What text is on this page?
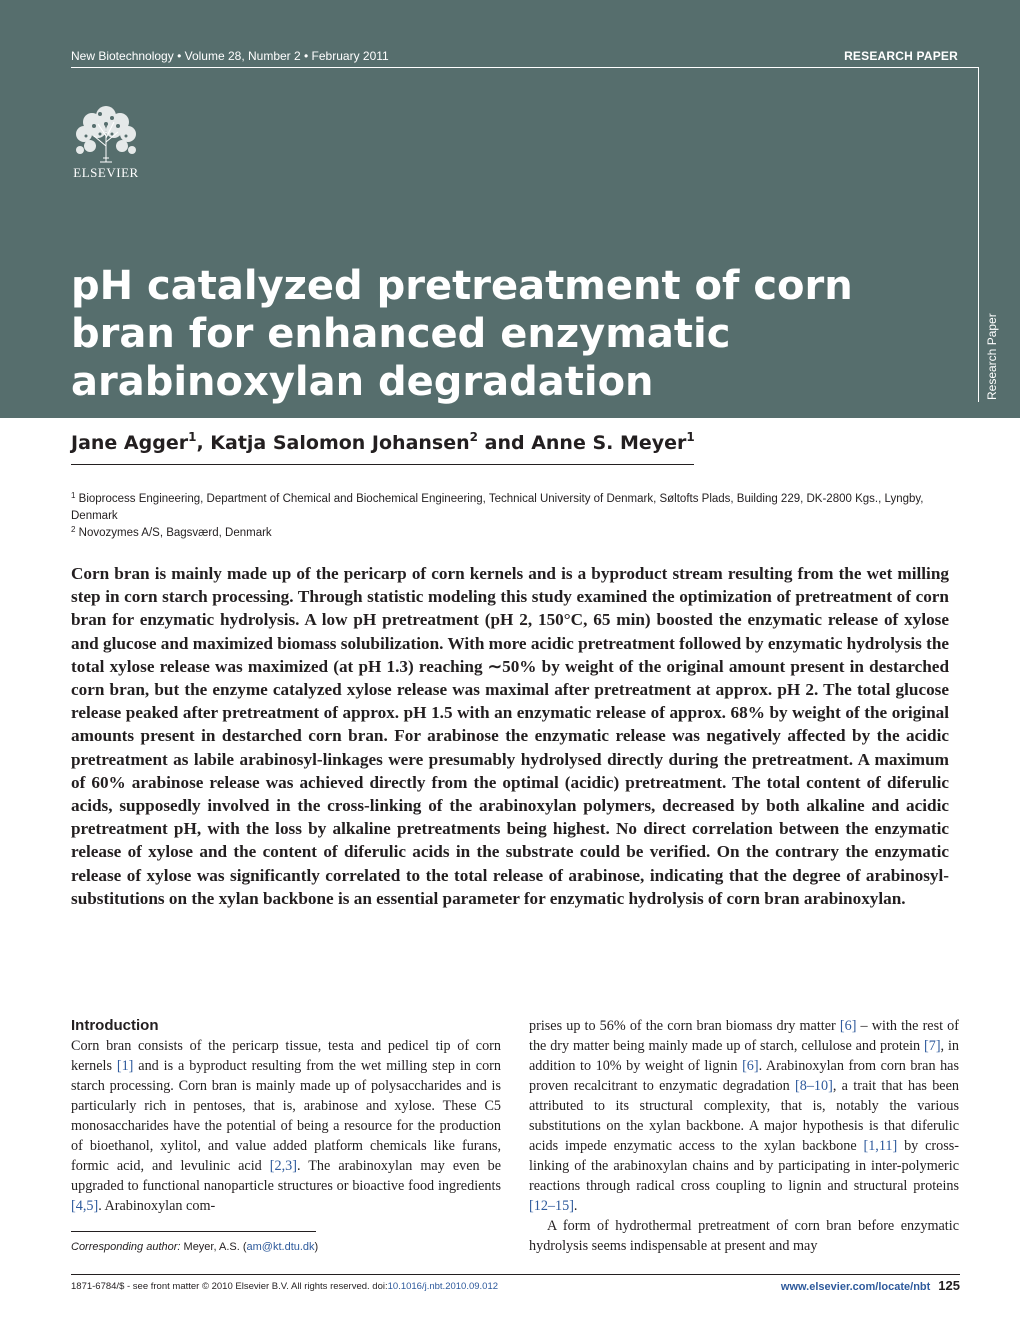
New Biotechnology • Volume 28, Number 2 • February 2011	RESEARCH PAPER
ELSEVIER
pH catalyzed pretreatment of corn bran for enhanced enzymatic arabinoxylan degradation	Research Paper
Jane Agger$^1$, Katja Salomon Johansen$^2$ and Anne S. Meyer$^1$
$^1$ Bioprocess Engineering, Department of Chemical and Biochemical Engineering, Technical University of Denmark, Søltofts Plads, Building 229, DK-2800 Kgs., Lyngby, Denmark
$^2$ Novozymes A/S, Bagsværd, Denmark

Corn bran is mainly made up of the pericarp of corn kernels and is a byproduct stream resulting from the wet milling step in corn starch processing. Through statistic modeling this study examined the optimization of pretreatment of corn bran for enzymatic hydrolysis. A low pH pretreatment (pH 2, 150°C, 65 min) boosted the enzymatic release of xylose and glucose and maximized biomass solubilization. With more acidic pretreatment followed by enzymatic hydrolysis the total xylose release was maximized (at pH 1.3) reaching ∼50% by weight of the original amount present in destarched corn bran, but the enzyme catalyzed xylose release was maximal after pretreatment at approx. pH 2. The total glucose release peaked after pretreatment of approx. pH 1.5 with an enzymatic release of approx. 68% by weight of the original amounts present in destarched corn bran. For arabinose the enzymatic release was negatively affected by the acidic pretreatment as labile arabinosyl-linkages were presumably hydrolysed directly during the pretreatment. A maximum of 60% arabinose release was achieved directly from the optimal (acidic) pretreatment. The total content of diferulic acids, supposedly involved in the cross-linking of the arabinoxylan polymers, decreased by both alkaline and acidic pretreatment pH, with the loss by alkaline pretreatments being highest. No direct correlation between the enzymatic release of xylose and the content of diferulic acids in the substrate could be verified. On the contrary the enzymatic release of xylose was significantly correlated to the total release of arabinose, indicating that the degree of arabinosyl-substitutions on the xylan backbone is an essential parameter for enzymatic hydrolysis of corn bran arabinoxylan.

Introduction

Corn bran consists of the pericarp tissue, testa and pedicel tip of corn kernels [1] and is a byproduct resulting from the wet milling step in corn starch processing. Corn bran is mainly made up of polysaccharides and is particularly rich in pentoses, that is, arabinose and xylose. These C5 monosaccharides have the potential of being a resource for the production of bioethanol, xylitol, and value added platform chemicals like furans, formic acid, and levulinic acid [2,3]. The arabinoxylan may even be upgraded to functional nanoparticle structures or bioactive food ingredients [4,5]. Arabinoxylan com-

prises up to 56% of the corn bran biomass dry matter [6] – with the rest of the dry matter being mainly made up of starch, cellulose and protein [7], in addition to 10% by weight of lignin [6]. Arabinoxylan from corn bran has proven recalcitrant to enzymatic degradation [8–10], a trait that has been attributed to its structural complexity, that is, notably the various substitutions on the xylan backbone. A major hypothesis is that diferulic acids impede enzymatic access to the xylan backbone [1,11] by cross-linking of the arabinoxylan chains and by participating in inter-polymeric reactions through radical cross coupling to lignin and structural proteins [12–15].

A form of hydrothermal pretreatment of corn bran before enzymatic hydrolysis seems indispensable at present and may

Corresponding author: Meyer, A.S. (am@kt.dtu.dk)
1871-6784/$ - see front matter © 2010 Elsevier B.V. All rights reserved. doi:10.1016/j.nbt.2010.09.012	www.elsevier.com/locate/nbt 125
